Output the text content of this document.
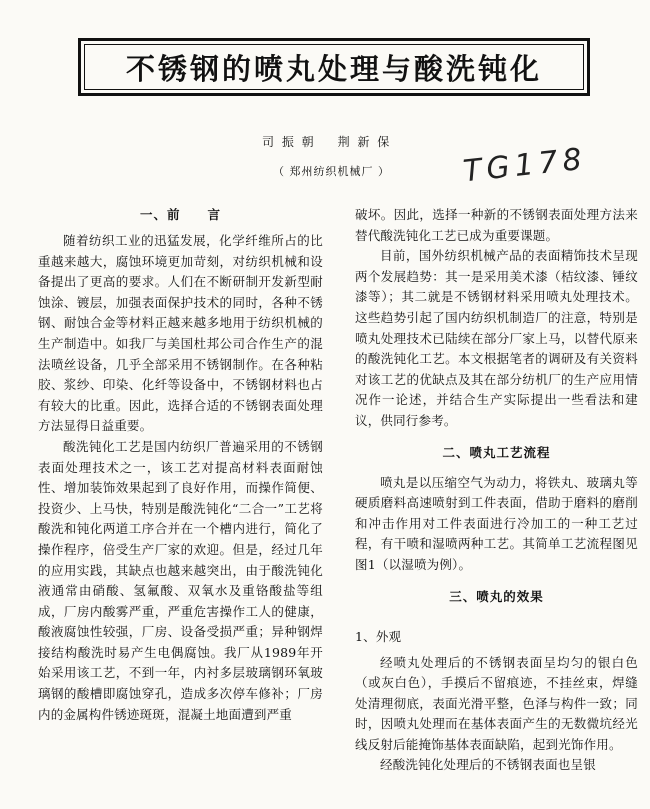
不锈钢的喷丸处理与酸洗钝化
司 振 朝 荆 新 保
（ 郑州纺织机械厂 ） TG178
一、前　　言

随着纺织工业的迅猛发展，化学纤维所占的比重越来越大，腐蚀环境更加苛刻，对纺织机械和设备提出了更高的要求。人们在不断研制开发新型耐蚀涂、镀层，加强表面保护技术的同时，各种不锈钢、耐蚀合金等材料正越来越多地用于纺织机械的生产制造中。如我厂与美国杜邦公司合作生产的混法喷丝设备，几乎全部采用不锈钢制作。在各种粘胶、浆纱、印染、化纤等设备中，不锈钢材料也占有较大的比重。因此，选择合适的不锈钢表面处理方法显得日益重要。

酸洗钝化工艺是国内纺织厂普遍采用的不锈钢表面处理技术之一，该工艺对提高材料表面耐蚀性、增加装饰效果起到了良好作用，而操作简便、投资少、上马快，特别是酸洗钝化“二合一”工艺将酸洗和钝化两道工序合并在一个槽内进行，简化了操作程序，倍受生产厂家的欢迎。但是，经过几年的应用实践，其缺点也越来越突出，由于酸洗钝化液通常由硝酸、氢氟酸、双氧水及重铬酸盐等组成，厂房内酸雾严重，严重危害操作工人的健康，酸液腐蚀性较强，厂房、设备受损严重；异种钢焊接结构酸洗时易产生电偶腐蚀。我厂从1989年开始采用该工艺，不到一年，内衬多层玻璃钢环氧玻璃钢的酸槽即腐蚀穿孔，造成多次停车修补；厂房内的金属构件锈迹斑斑，混凝土地面遭到严重

破坏。因此，选择一种新的不锈钢表面处理方法来替代酸洗钝化工艺已成为重要课题。

目前，国外纺织机械产品的表面精饰技术呈现两个发展趋势：其一是采用美术漆（桔纹漆、锤纹漆等）；其二就是不锈钢材料采用喷丸处理技术。这些趋势引起了国内纺织机制造厂的注意，特别是喷丸处理技术已陆续在部分厂家上马，以替代原来的酸洗钝化工艺。本文根据笔者的调研及有关资料对该工艺的优缺点及其在部分纺机厂的生产应用情况作一论述，并结合生产实际提出一些看法和建议，供同行参考。

二、喷丸工艺流程

喷丸是以压缩空气为动力，将铁丸、玻璃丸等硬质磨料高速喷射到工件表面，借助于磨料的磨削和冲击作用对工件表面进行冷加工的一种工艺过程，有干喷和湿喷两种工艺。其简单工艺流程图见图1（以湿喷为例）。

三、喷丸的效果
1、外观

经喷丸处理后的不锈钢表面呈均匀的银白色（或灰白色），手摸后不留痕迹，不挂丝束，焊缝处清理彻底，表面光滑平整，色泽与构件一致；同时，因喷丸处理而在基体表面产生的无数微坑经光线反射后能掩饰基体表面缺陷，起到光饰作用。

经酸洗钝化处理后的不锈钢表面也呈银
